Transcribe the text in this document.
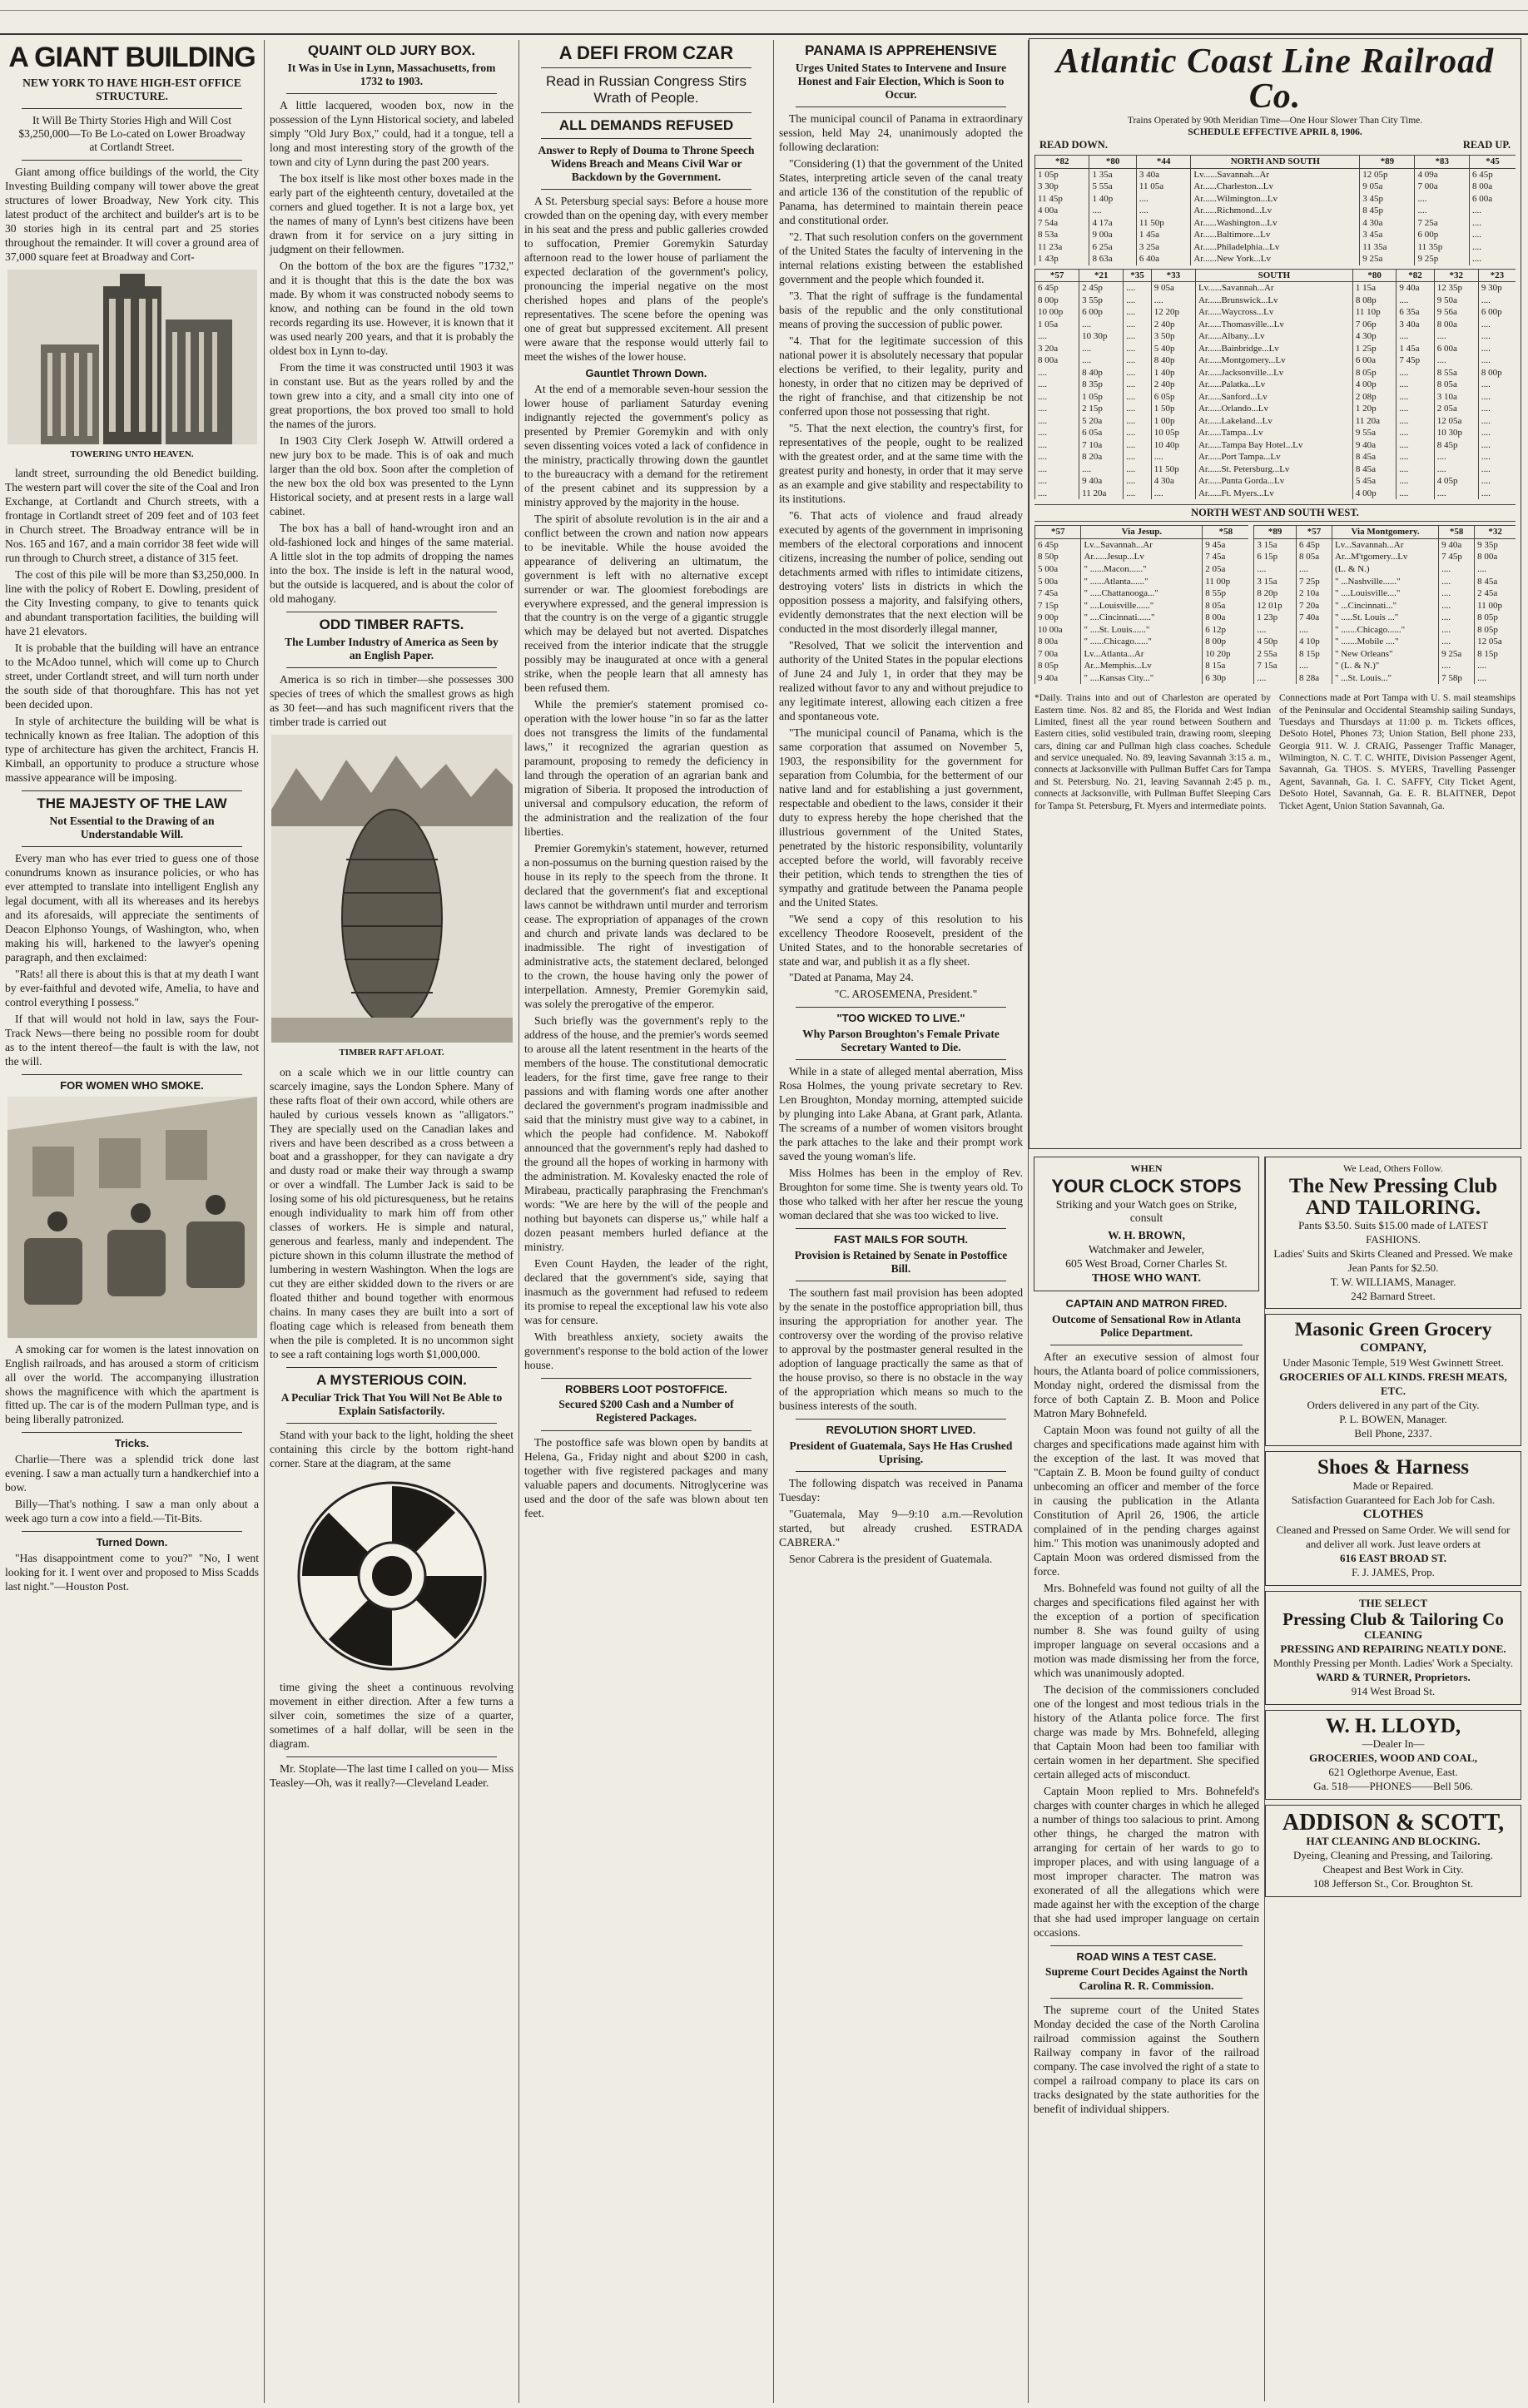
A GIANT BUILDING
NEW YORK TO HAVE HIGH-EST OFFICE STRUCTURE.
It Will Be Thirty Stories High and Will Cost $3,250,000—To Be Lo-cated on Lower Broadway at Cortlandt Street.

Giant among office buildings of the world, the City Investing Building company will tower above the great structures of lower Broadway, New York city. This latest product of the architect and builder's art is to be 30 stories high in its central part and 25 stories throughout the remainder. It will cover a ground area of 37,000 square feet at Broadway and Cort-

TOWERING UNTO HEAVEN.

landt street, surrounding the old Benedict building. The western part will cover the site of the Coal and Iron Exchange, at Cortlandt and Church streets, with a frontage in Cortlandt street of 209 feet and of 103 feet in Church street. The Broadway entrance will be in Nos. 165 and 167, and a main corridor 38 feet wide will run through to Church street, a distance of 315 feet.

The cost of this pile will be more than $3,250,000. In line with the policy of Robert E. Dowling, president of the City Investing company, to give to tenants quick and abundant transportation facilities, the building will have 21 elevators.

It is probable that the building will have an entrance to the McAdoo tunnel, which will come up to Church street, under Cortlandt street, and will turn north under the south side of that thoroughfare. This has not yet been decided upon.

In style of architecture the building will be what is technically known as free Italian. The adoption of this type of architecture has given the architect, Francis H. Kimball, an opportunity to produce a structure whose massive appearance will be imposing.

THE MAJESTY OF THE LAW
Not Essential to the Drawing of an Understandable Will.

Every man who has ever tried to guess one of those conundrums known as insurance policies, or who has ever attempted to translate into intelligent English any legal document, with all its whereases and its herebys and its aforesaids, will appreciate the sentiments of Deacon Elphonso Youngs, of Washington, who, when making his will, harkened to the lawyer's opening paragraph, and then exclaimed:

"Rats! all there is about this is that at my death I want by ever-faithful and devoted wife, Amelia, to have and control everything I possess."

If that will would not hold in law, says the Four-Track News—there being no possible room for doubt as to the intent thereof—the fault is with the law, not the will.

FOR WOMEN WHO SMOKE.

A smoking car for women is the latest innovation on English railroads, and has aroused a storm of criticism all over the world. The accompanying illustration shows the magnificence with which the apartment is fitted up. The car is of the modern Pullman type, and is being liberally patronized.

Tricks.

Charlie—There was a splendid trick done last evening. I saw a man actually turn a handkerchief into a bow.

Billy—That's nothing. I saw a man only about a week ago turn a cow into a field.—Tit-Bits.

Turned Down.

"Has disappointment come to you?" "No, I went looking for it. I went over and proposed to Miss Scadds last night."—Houston Post.

QUAINT OLD JURY BOX.
It Was in Use in Lynn, Massachusetts, from 1732 to 1903.

A little lacquered, wooden box, now in the possession of the Lynn Historical society, and labeled simply "Old Jury Box," could, had it a tongue, tell a long and most interesting story of the growth of the town and city of Lynn during the past 200 years.

The box itself is like most other boxes made in the early part of the eighteenth century, dovetailed at the corners and glued together. It is not a large box, yet the names of many of Lynn's best citizens have been drawn from it for service on a jury sitting in judgment on their fellowmen.

On the bottom of the box are the figures "1732," and it is thought that this is the date the box was made. By whom it was constructed nobody seems to know, and nothing can be found in the old town records regarding its use. However, it is known that it was used nearly 200 years, and that it is probably the oldest box in Lynn to-day.

From the time it was constructed until 1903 it was in constant use. But as the years rolled by and the town grew into a city, and a small city into one of great proportions, the box proved too small to hold the names of the jurors.

In 1903 City Clerk Joseph W. Attwill ordered a new jury box to be made. This is of oak and much larger than the old box. Soon after the completion of the new box the old box was presented to the Lynn Historical society, and at present rests in a large wall cabinet.

The box has a ball of hand-wrought iron and an old-fashioned lock and hinges of the same material. A little slot in the top admits of dropping the names into the box. The inside is left in the natural wood, but the outside is lacquered, and is about the color of old mahogany.

ODD TIMBER RAFTS.
The Lumber Industry of America as Seen by an English Paper.

America is so rich in timber—she possesses 300 species of trees of which the smallest grows as high as 30 feet—and has such magnificent rivers that the timber trade is carried out

TIMBER RAFT AFLOAT.

on a scale which we in our little country can scarcely imagine, says the London Sphere. Many of these rafts float of their own accord, while others are hauled by curious vessels known as "alligators." They are specially used on the Canadian lakes and rivers and have been described as a cross between a boat and a grasshopper, for they can navigate a dry and dusty road or make their way through a swamp or over a windfall. The Lumber Jack is said to be losing some of his old picturesqueness, but he retains enough individuality to mark him off from other classes of workers. He is simple and natural, generous and fearless, manly and independent. The picture shown in this column illustrate the method of lumbering in western Washington. When the logs are cut they are either skidded down to the rivers or are floated thither and bound together with enormous chains. In many cases they are built into a sort of floating cage which is released from beneath them when the pile is completed. It is no uncommon sight to see a raft containing logs worth $1,000,000.

A MYSTERIOUS COIN.
A Peculiar Trick That You Will Not Be Able to Explain Satisfactorily.

Stand with your back to the light, holding the sheet containing this circle by the bottom right-hand corner. Stare at the diagram, at the same

time giving the sheet a continuous revolving movement in either direction. After a few turns a silver coin, sometimes the size of a quarter, sometimes of a half dollar, will be seen in the diagram.

Mr. Stoplate—The last time I called on you— Miss Teasley—Oh, was it really?—Cleveland Leader.

A DEFI FROM CZAR
Read in Russian Congress Stirs Wrath of People.
ALL DEMANDS REFUSED
Answer to Reply of Douma to Throne Speech Widens Breach and Means Civil War or Backdown by the Government.

A St. Petersburg special says: Before a house more crowded than on the opening day, with every member in his seat and the press and public galleries crowded to suffocation, Premier Goremykin Saturday afternoon read to the lower house of parliament the expected declaration of the government's policy, pronouncing the imperial negative on the most cherished hopes and plans of the people's representatives. The scene before the opening was one of great but suppressed excitement. All present were aware that the response would utterly fail to meet the wishes of the lower house.

Gauntlet Thrown Down.

At the end of a memorable seven-hour session the lower house of parliament Saturday evening indignantly rejected the government's policy as presented by Premier Goremykin and with only seven dissenting voices voted a lack of confidence in the ministry, practically throwing down the gauntlet to the bureaucracy with a demand for the retirement of the present cabinet and its suppression by a ministry approved by the majority in the house.

The spirit of absolute revolution is in the air and a conflict between the crown and nation now appears to be inevitable. While the house avoided the appearance of delivering an ultimatum, the government is left with no alternative except surrender or war. The gloomiest forebodings are everywhere expressed, and the general impression is that the country is on the verge of a gigantic struggle which may be delayed but not averted. Dispatches received from the interior indicate that the struggle possibly may be inaugurated at once with a general strike, when the people learn that all amnesty has been refused them.

While the premier's statement promised co-operation with the lower house "in so far as the latter does not transgress the limits of the fundamental laws," it recognized the agrarian question as paramount, proposing to remedy the deficiency in land through the operation of an agrarian bank and migration of Siberia. It proposed the introduction of universal and compulsory education, the reform of the administration and the realization of the four liberties.

Premier Goremykin's statement, however, returned a non-possumus on the burning question raised by the house in its reply to the speech from the throne. It declared that the government's fiat and exceptional laws cannot be withdrawn until murder and terrorism cease. The expropriation of appanages of the crown and church and private lands was declared to be inadmissible. The right of investigation of administrative acts, the statement declared, belonged to the crown, the house having only the power of interpellation. Amnesty, Premier Goremykin said, was solely the prerogative of the emperor.

Such briefly was the government's reply to the address of the house, and the premier's words seemed to arouse all the latent resentment in the hearts of the members of the house. The constitutional democratic leaders, for the first time, gave free range to their passions and with flaming words one after another declared the government's program inadmissible and said that the ministry must give way to a cabinet, in which the people had confidence. M. Nabokoff announced that the government's reply had dashed to the ground all the hopes of working in harmony with the administration. M. Kovalesky enacted the role of Mirabeau, practically paraphrasing the Frenchman's words: "We are here by the will of the people and nothing but bayonets can disperse us," while half a dozen peasant members hurled defiance at the ministry.

Even Count Hayden, the leader of the right, declared that the government's side, saying that inasmuch as the government had refused to redeem its promise to repeal the exceptional law his vote also was for censure.

With breathless anxiety, society awaits the government's response to the bold action of the lower house.

ROBBERS LOOT POSTOFFICE.
Secured $200 Cash and a Number of Registered Packages.

The postoffice safe was blown open by bandits at Helena, Ga., Friday night and about $200 in cash, together with five registered packages and many valuable papers and documents. Nitroglycerine was used and the door of the safe was blown about ten feet.

PANAMA IS APPREHENSIVE
Urges United States to Intervene and Insure Honest and Fair Election, Which is Soon to Occur.

The municipal council of Panama in extraordinary session, held May 24, unanimously adopted the following declaration:

"Considering (1) that the government of the United States, interpreting article seven of the canal treaty and article 136 of the constitution of the republic of Panama, has determined to maintain therein peace and constitutional order.

"2. That such resolution confers on the government of the United States the faculty of intervening in the internal relations existing between the established government and the people which founded it.

"3. That the right of suffrage is the fundamental basis of the republic and the only constitutional means of proving the succession of public power.

"4. That for the legitimate succession of this national power it is absolutely necessary that popular elections be verified, to their legality, purity and honesty, in order that no citizen may be deprived of the right of franchise, and that citizenship be not conferred upon those not possessing that right.

"5. That the next election, the country's first, for representatives of the people, ought to be realized with the greatest order, and at the same time with the greatest purity and honesty, in order that it may serve as an example and give stability and respectability to its institutions.

"6. That acts of violence and fraud already executed by agents of the government in imprisoning members of the electoral corporations and innocent citizens, increasing the number of police, sending out detachments armed with rifles to intimidate citizens, destroying voters' lists in districts in which the opposition possess a majority, and falsifying others, evidently demonstrates that the next election will be conducted in the most disorderly illegal manner,

"Resolved, That we solicit the intervention and authority of the United States in the popular elections of June 24 and July 1, in order that they may be realized without favor to any and without prejudice to any legitimate interest, allowing each citizen a free and spontaneous vote.

"The municipal council of Panama, which is the same corporation that assumed on November 5, 1903, the responsibility for the government for separation from Columbia, for the betterment of our native land and for establishing a just government, respectable and obedient to the laws, consider it their duty to express hereby the hope cherished that the illustrious government of the United States, penetrated by the historic responsibility, voluntarily accepted before the world, will favorably receive their petition, which tends to strengthen the ties of sympathy and gratitude between the Panama people and the United States.

"We send a copy of this resolution to his excellency Theodore Roosevelt, president of the United States, and to the honorable secretaries of state and war, and publish it as a fly sheet.

"Dated at Panama, May 24.

"C. AROSEMENA, President."

"TOO WICKED TO LIVE."
Why Parson Broughton's Female Private Secretary Wanted to Die.

While in a state of alleged mental aberration, Miss Rosa Holmes, the young private secretary to Rev. Len Broughton, Monday morning, attempted suicide by plunging into Lake Abana, at Grant park, Atlanta. The screams of a number of women visitors brought the park attaches to the lake and their prompt work saved the young woman's life.

Miss Holmes has been in the employ of Rev. Broughton for some time. She is twenty years old. To those who talked with her after her rescue the young woman declared that she was too wicked to live.

FAST MAILS FOR SOUTH.
Provision is Retained by Senate in Postoffice Bill.

The southern fast mail provision has been adopted by the senate in the postoffice appropriation bill, thus insuring the appropriation for another year. The controversy over the wording of the proviso relative to approval by the postmaster general resulted in the adoption of language practically the same as that of the house proviso, so there is no obstacle in the way of the appropriation which means so much to the business interests of the south.

REVOLUTION SHORT LIVED.
President of Guatemala, Says He Has Crushed Uprising.

The following dispatch was received in Panama Tuesday:

"Guatemala, May 9—9:10 a.m.—Revolution started, but already crushed. ESTRADA CABRERA."

Senor Cabrera is the president of Guatemala.

Atlantic Coast Line Railroad Co.
Trains Operated by 90th Meridian Time—One Hour Slower Than City Time.
SCHEDULE EFFECTIVE APRIL 8, 1906.
READ DOWN.	READ UP.
*82	*80	*44	NORTH AND SOUTH	*89	*83	*45
1 05p	1 35a	3 40a	Lv......Savannah...Ar	12 05p	4 09a	6 45p
3 30p	5 55a	11 05a	Ar......Charleston...Lv	9 05a	7 00a	8 00a
11 45p	1 40p	....	Ar......Wilmington...Lv	3 45p	....	6 00a
4 00a	....	....	Ar......Richmond...Lv	8 45p	....	....
7 54a	4 17a	11 50p	Ar......Washington...Lv	4 30a	7 25a	....
8 53a	9 00a	1 45a	Ar......Baltimore...Lv	3 45a	6 00p	....
11 23a	6 25a	3 25a	Ar......Philadelphia...Lv	11 35a	11 35p	....
1 43p	8 63a	6 40a	Ar......New York...Lv	9 25a	9 25p	....
*57	*21	*35	*33	SOUTH	*80	*82	*32	*23
6 45p	2 45p	....	9 05a	Lv......Savannah...Ar	1 15a	9 40a	12 35p	9 30p
8 00p	3 55p	....	....	Ar......Brunswick...Lv	8 08p	....	9 50a	....
10 00p	6 00p	....	12 20p	Ar......Waycross...Lv	11 10p	6 35a	9 56a	6 00p
1 05a	....	....	2 40p	Ar......Thomasville...Lv	7 06p	3 40a	8 00a	....
....	10 30p	....	3 50p	Ar......Albany...Lv	4 30p	....	....	....
3 20a	....	....	5 40p	Ar......Bainbridge...Lv	1 25p	1 45a	6 00a	....
8 00a	....	....	8 40p	Ar......Montgomery...Lv	6 00a	7 45p	....	....
....	8 40p	....	1 40p	Ar......Jacksonville...Lv	8 05p	....	8 55a	8 00p
....	8 35p	....	2 40p	Ar......Palatka...Lv	4 00p	....	8 05a	....
....	1 05p	....	6 05p	Ar......Sanford...Lv	2 08p	....	3 10a	....
....	2 15p	....	1 50p	Ar......Orlando...Lv	1 20p	....	2 05a	....
....	5 20a	....	1 00p	Ar......Lakeland...Lv	11 20a	....	12 05a	....
....	6 05a	....	10 05p	Ar......Tampa...Lv	9 55a	....	10 30p	....
....	7 10a	....	10 40p	Ar......Tampa Bay Hotel...Lv	9 40a	....	8 45p	....
....	8 20a	....	....	Ar......Port Tampa...Lv	8 45a	....	....	....
....	....	....	11 50p	Ar......St. Petersburg...Lv	8 45a	....	....	....
....	9 40a	....	4 30a	Ar......Punta Gorda...Lv	5 45a	....	4 05p	....
....	11 20a	....	....	Ar......Ft. Myers...Lv	4 00p	....	....	....
NORTH WEST AND SOUTH WEST.
*57	Via Jesup.	*58
6 45p	Lv...Savannah...Ar	9 45a
8 50p	Ar......Jesup...Lv	7 45a
5 00a	" ......Macon......"	2 05a
5 00a	" ......Atlanta......"	11 00p
7 45a	" .....Chattanooga..."	8 55p
7 15p	" ....Louisville......"	8 05a
9 00p	" ....Cincinnati......"	8 00a
10 00a	" ....St. Louis......"	6 12p
8 00a	" ......Chicago......"	8 00p
7 00a	Lv...Atlanta...Ar	10 20p
8 05p	Ar...Memphis...Lv	8 15a
9 40a	" ....Kansas City..."	6 30p
*89	*57	Via Montgomery.	*58	*32
3 15a	6 45p	Lv...Savannah...Ar	9 40a	9 35p
6 15p	8 05a	Ar...M'tgomery...Lv	7 45p	8 00a
....	....	(L. & N.)	....	....
3 15a	7 25p	" ...Nashville......"	....	8 45a
8 20p	2 10a	" ....Louisville...."	....	2 45a
12 01p	7 20a	" ...Cincinnati..."	....	11 00p
1 23p	7 40a	" .....St. Louis ..."	....	8 05p
....	....	" .......Chicago......"	....	8 05p
4 50p	4 10p	" .......Mobile ...."	....	12 05a
2 55a	8 15p	" New Orleans"	9 25a	8 15p
7 15a	....	" (L. & N.)"	....	....
....	8 28a	" ...St. Louis..."	7 58p	....
*Daily. Trains into and out of Charleston are operated by Eastern time. Nos. 82 and 85, the Florida and West Indian Limited, finest all the year round between Southern and Eastern cities, solid vestibuled train, drawing room, sleeping cars, dining car and Pullman high class coaches. Schedule and service unequaled. No. 89, leaving Savannah 3:15 a. m., connects at Jacksonville with Pullman Buffet Cars for Tampa and St. Petersburg. No. 21, leaving Savannah 2:45 p. m., connects at Jacksonville, with Pullman Buffet Sleeping Cars for Tampa St. Petersburg, Ft. Myers and intermediate points.
Connections made at Port Tampa with U. S. mail steamships of the Peninsular and Occidental Steamship sailing Sundays, Tuesdays and Thursdays at 11:00 p. m. Tickets offices, DeSoto Hotel, Phones 73; Union Station, Bell phone 233, Georgia 911. W. J. CRAIG, Passenger Traffic Manager, Wilmington, N. C. T. C. WHITE, Division Passenger Agent, Savannah, Ga. THOS. S. MYERS, Travelling Passenger Agent, Savannah, Ga. I. C. SAFFY, City Ticket Agent, DeSoto Hotel, Savannah, Ga. E. R. BLAITNER, Depot Ticket Agent, Union Station Savannah, Ga.
WHEN
YOUR CLOCK STOPS
Striking and your Watch goes on Strike, consult
W. H. BROWN,
Watchmaker and Jeweler,
605 West Broad, Corner Charles St.
THOSE WHO WANT.
CAPTAIN AND MATRON FIRED.
Outcome of Sensational Row in Atlanta Police Department.

After an executive session of almost four hours, the Atlanta board of police commissioners, Monday night, ordered the dismissal from the force of both Captain Z. B. Moon and Police Matron Mary Bohnefeld.

Captain Moon was found not guilty of all the charges and specifications made against him with the exception of the last. It was moved that "Captain Z. B. Moon be found guilty of conduct unbecoming an officer and member of the force in causing the publication in the Atlanta Constitution of April 26, 1906, the article complained of in the pending charges against him." This motion was unanimously adopted and Captain Moon was ordered dismissed from the force.

Mrs. Bohnefeld was found not guilty of all the charges and specifications filed against her with the exception of a portion of specification number 8. She was found guilty of using improper language on several occasions and a motion was made dismissing her from the force, which was unanimously adopted.

The decision of the commissioners concluded one of the longest and most tedious trials in the history of the Atlanta police force. The first charge was made by Mrs. Bohnefeld, alleging that Captain Moon had been too familiar with certain women in her department. She specified certain alleged acts of misconduct.

Captain Moon replied to Mrs. Bohnefeld's charges with counter charges in which he alleged a number of things too salacious to print. Among other things, he charged the matron with arranging for certain of her wards to go to improper places, and with using language of a most improper character. The matron was exonerated of all the allegations which were made against her with the exception of the charge that she had used improper language on certain occasions.

ROAD WINS A TEST CASE.
Supreme Court Decides Against the North Carolina R. R. Commission.

The supreme court of the United States Monday decided the case of the North Carolina railroad commission against the Southern Railway company in favor of the railroad company. The case involved the right of a state to compel a railroad company to place its cars on tracks designated by the state authorities for the benefit of individual shippers.

We Lead, Others Follow.
The New Pressing Club AND TAILORING.
Pants $3.50. Suits $15.00 made of LATEST FASHIONS.
Ladies' Suits and Skirts Cleaned and Pressed. We make Jean Pants for $2.50.
T. W. WILLIAMS, Manager.
242 Barnard Street.
Masonic Green Grocery
COMPANY,
Under Masonic Temple, 519 West Gwinnett Street.
GROCERIES OF ALL KINDS. FRESH MEATS, ETC.
Orders delivered in any part of the City.
P. L. BOWEN, Manager.
Bell Phone, 2337.
Shoes & Harness
Made or Repaired.
Satisfaction Guaranteed for Each Job for Cash.
CLOTHES
Cleaned and Pressed on Same Order. We will send for and deliver all work. Just leave orders at
616 EAST BROAD ST.
F. J. JAMES, Prop.
THE SELECT
Pressing Club & Tailoring Co
CLEANING
PRESSING AND REPAIRING NEATLY DONE.
Monthly Pressing per Month. Ladies' Work a Specialty.
WARD & TURNER, Proprietors.
914 West Broad St.
W. H. LLOYD,
—Dealer In—
GROCERIES, WOOD AND COAL,
621 Oglethorpe Avenue, East.
Ga. 518——PHONES——Bell 506.
ADDISON & SCOTT,
HAT CLEANING AND BLOCKING.
Dyeing, Cleaning and Pressing, and Tailoring.
Cheapest and Best Work in City.
108 Jefferson St., Cor. Broughton St.
